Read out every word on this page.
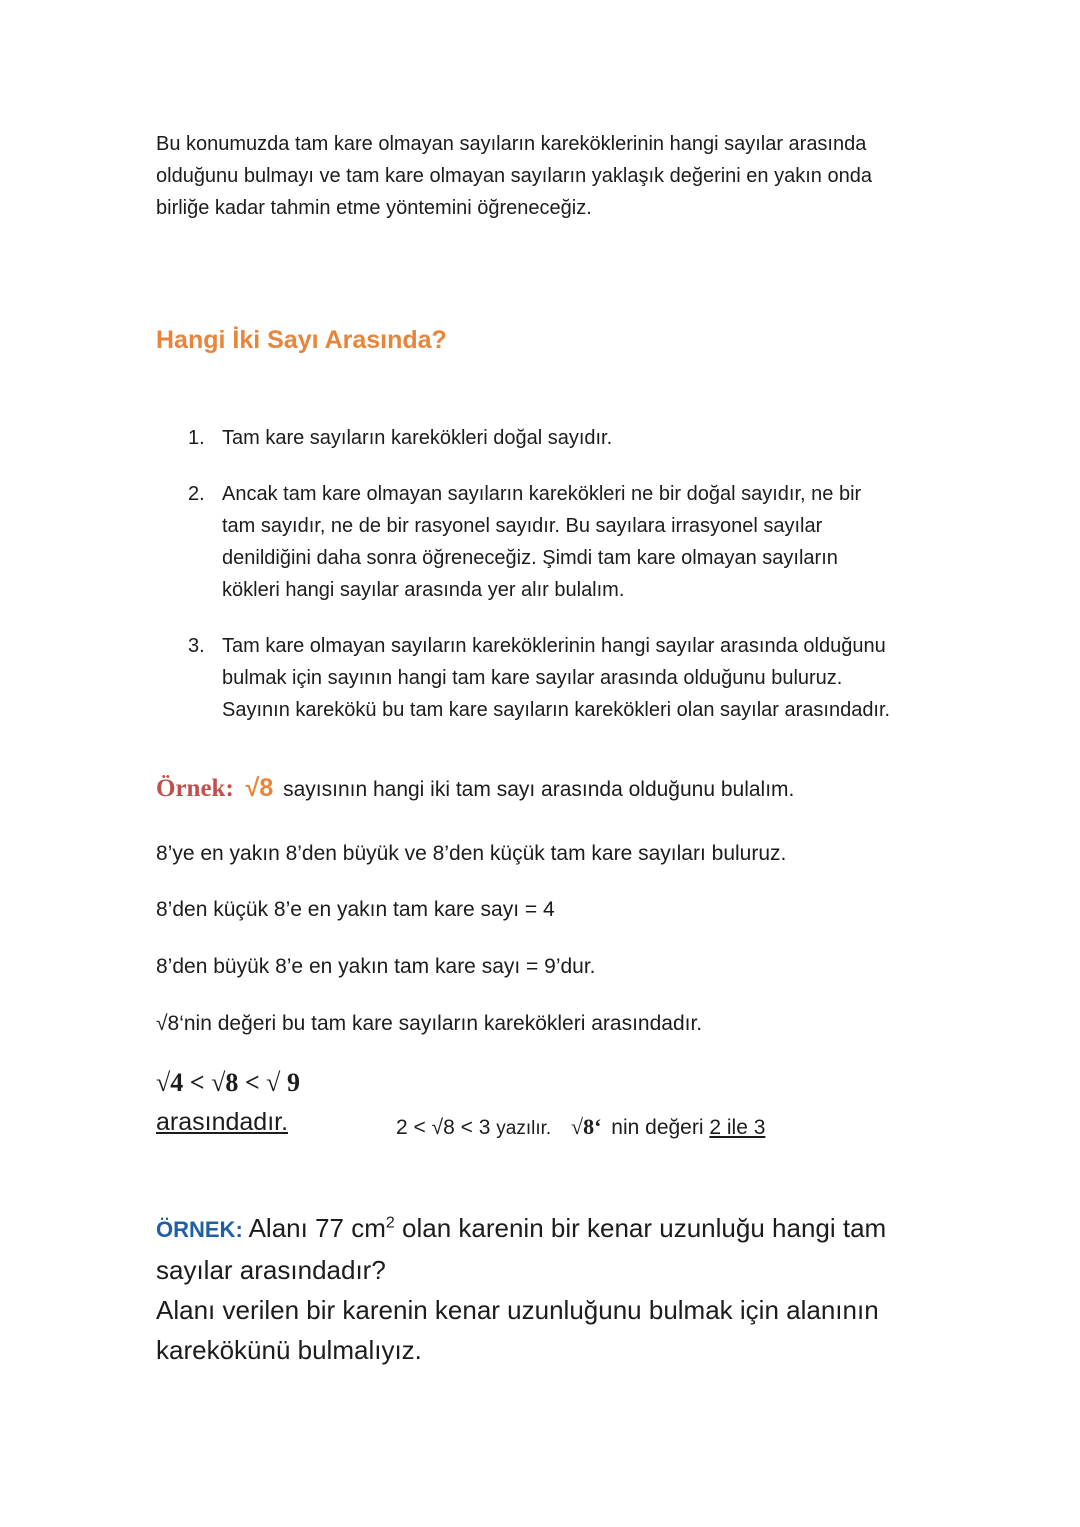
Bu konumuzda tam kare olmayan sayıların kareköklerinin hangi sayılar arasında
olduğunu bulmayı ve tam kare olmayan sayıların yaklaşık değerini en yakın onda
birliğe kadar tahmin etme yöntemini öğreneceğiz.
Hangi İki Sayı Arasında?
1. Tam kare sayıların karekökleri doğal sayıdır.
2. Ancak tam kare olmayan sayıların karekökleri ne bir doğal sayıdır, ne bir
tam sayıdır, ne de bir rasyonel sayıdır. Bu sayılara irrasyonel sayılar
denildiğini daha sonra öğreneceğiz. Şimdi tam kare olmayan sayıların
kökleri hangi sayılar arasında yer alır bulalım.
3. Tam kare olmayan sayıların kareköklerinin hangi sayılar arasında olduğunu
bulmak için sayının hangi tam kare sayılar arasında olduğunu buluruz.
Sayının karekökü bu tam kare sayıların karekökleri olan sayılar arasındadır.
Örnek: √8 sayısının hangi iki tam sayı arasında olduğunu bulalım.
8’ye en yakın 8’den büyük ve 8’den küçük tam kare sayıları buluruz.
8’den küçük 8’e en yakın tam kare sayı = 4
8’den büyük 8’e en yakın tam kare sayı = 9’dur.
√8‘nin değeri bu tam kare sayıların karekökleri arasındadır.
√4 < √8 < √ 9
arasındadır.	2 < √8 < 3 yazılır. √8‘ nin değeri 2 ile 3
ÖRNEK: Alanı 77 $cm^2$ olan karenin bir kenar uzunluğu hangi tam
sayılar arasındadır?
Alanı verilen bir karenin kenar uzunluğunu bulmak için alanının
karekökünü bulmalıyız.
